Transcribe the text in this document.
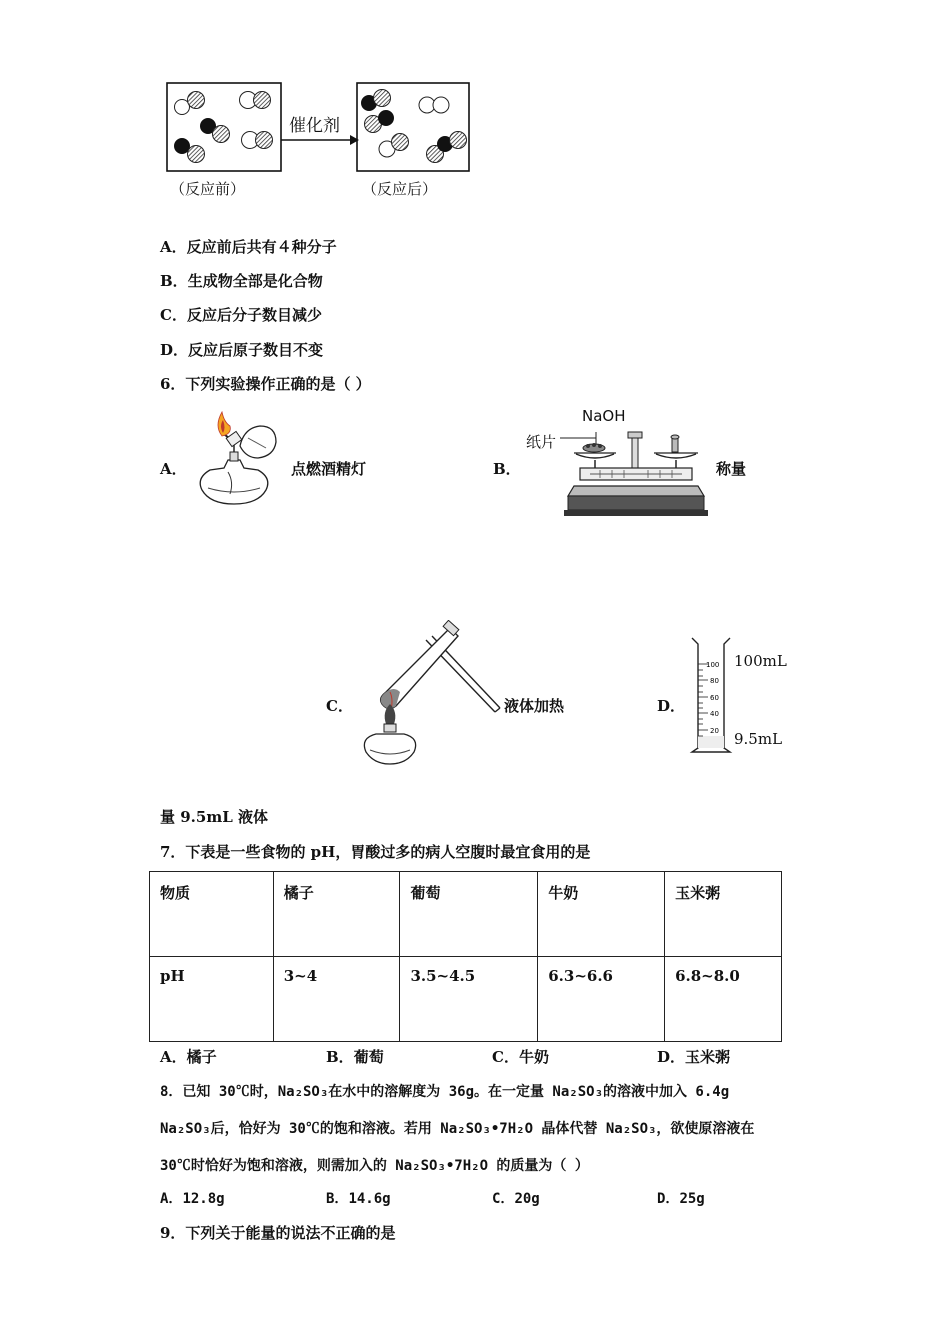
催化剂
（反应前）	（反应后）
A．反应前后共有４种分子
B．生成物全部是化合物
C．反应后分子数目减少
D．反应后原子数目不变
6．下列实验操作正确的是（ ）
A．	点燃酒精灯	B．
NaOH
纸片
称量
C．	液体加热	D．
100
80
60
40
20
100mL
9.5mL
量 9.5mL 液体
7．下表是一些食物的 pH，胃酸过多的病人空腹时最宜食用的是
物质	橘子	葡萄	牛奶	玉米粥
pH	3~4	3.5~4.5	6.3~6.6	6.8~8.0
A．橘子	B．葡萄	C．牛奶	D．玉米粥
8．已知 30℃时，Na₂SO₃在水中的溶解度为 36g。在一定量 Na₂SO₃的溶液中加入 6.4g
Na₂SO₃后，恰好为 30℃的饱和溶液。若用 Na₂SO₃•7H₂O 晶体代替 Na₂SO₃，欲使原溶液在
30℃时恰好为饱和溶液，则需加入的 Na₂SO₃•7H₂O 的质量为（ ）
A．12.8g	B．14.6g	C．20g	D．25g
9．下列关于能量的说法不正确的是
